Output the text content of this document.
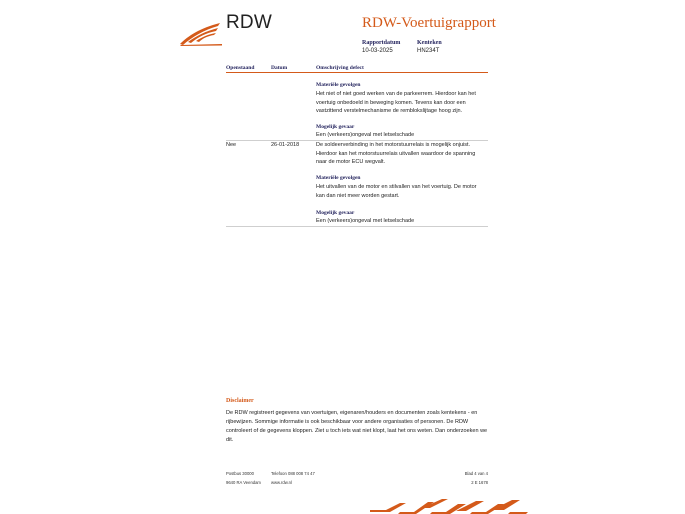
RDW	RDW-Voertuigrapport
Rapportdatum
10-03-2025
Kenteken
HN234T
Openstaand	Datum	Omschrijving defect
Materiële gevolgen
Het niet of niet goed werken van de parkeerrem. Hierdoor kan het
voertuig onbedoeld in beweging komen. Tevens kan door een
vastzittend verstelmechanisme de remblokslijtage hoog zijn.
Mogelijk gevaar
Een (verkeers)ongeval met letselschade
Nee	26-01-2018	De soldeerverbinding in het motorstuurrelais is mogelijk onjuist.
Hierdoor kan het motorstuurrelais uitvallen waardoor de spanning
naar de motor ECU wegvalt.
Materiële gevolgen
Het uitvallen van de motor en stilvallen van het voertuig. De motor
kan dan niet meer worden gestart.
Mogelijk gevaar
Een (verkeers)ongeval met letselschade
Disclaimer
De RDW registreert gegevens van voertuigen, eigenaren/houders en documenten zoals kentekens - en rijbewijzen. Sommige informatie is ook beschikbaar voor andere organisaties of personen. De RDW controleert of de gegevens kloppen. Ziet u toch iets wat niet klopt, laat het ons weten. Dan onderzoeken we dit.
Postbus 30000
9640 RA Veendam
Telefoon 088 008 74 47
www.rdw.nl
Blad 4 van 4
2 E 1678
